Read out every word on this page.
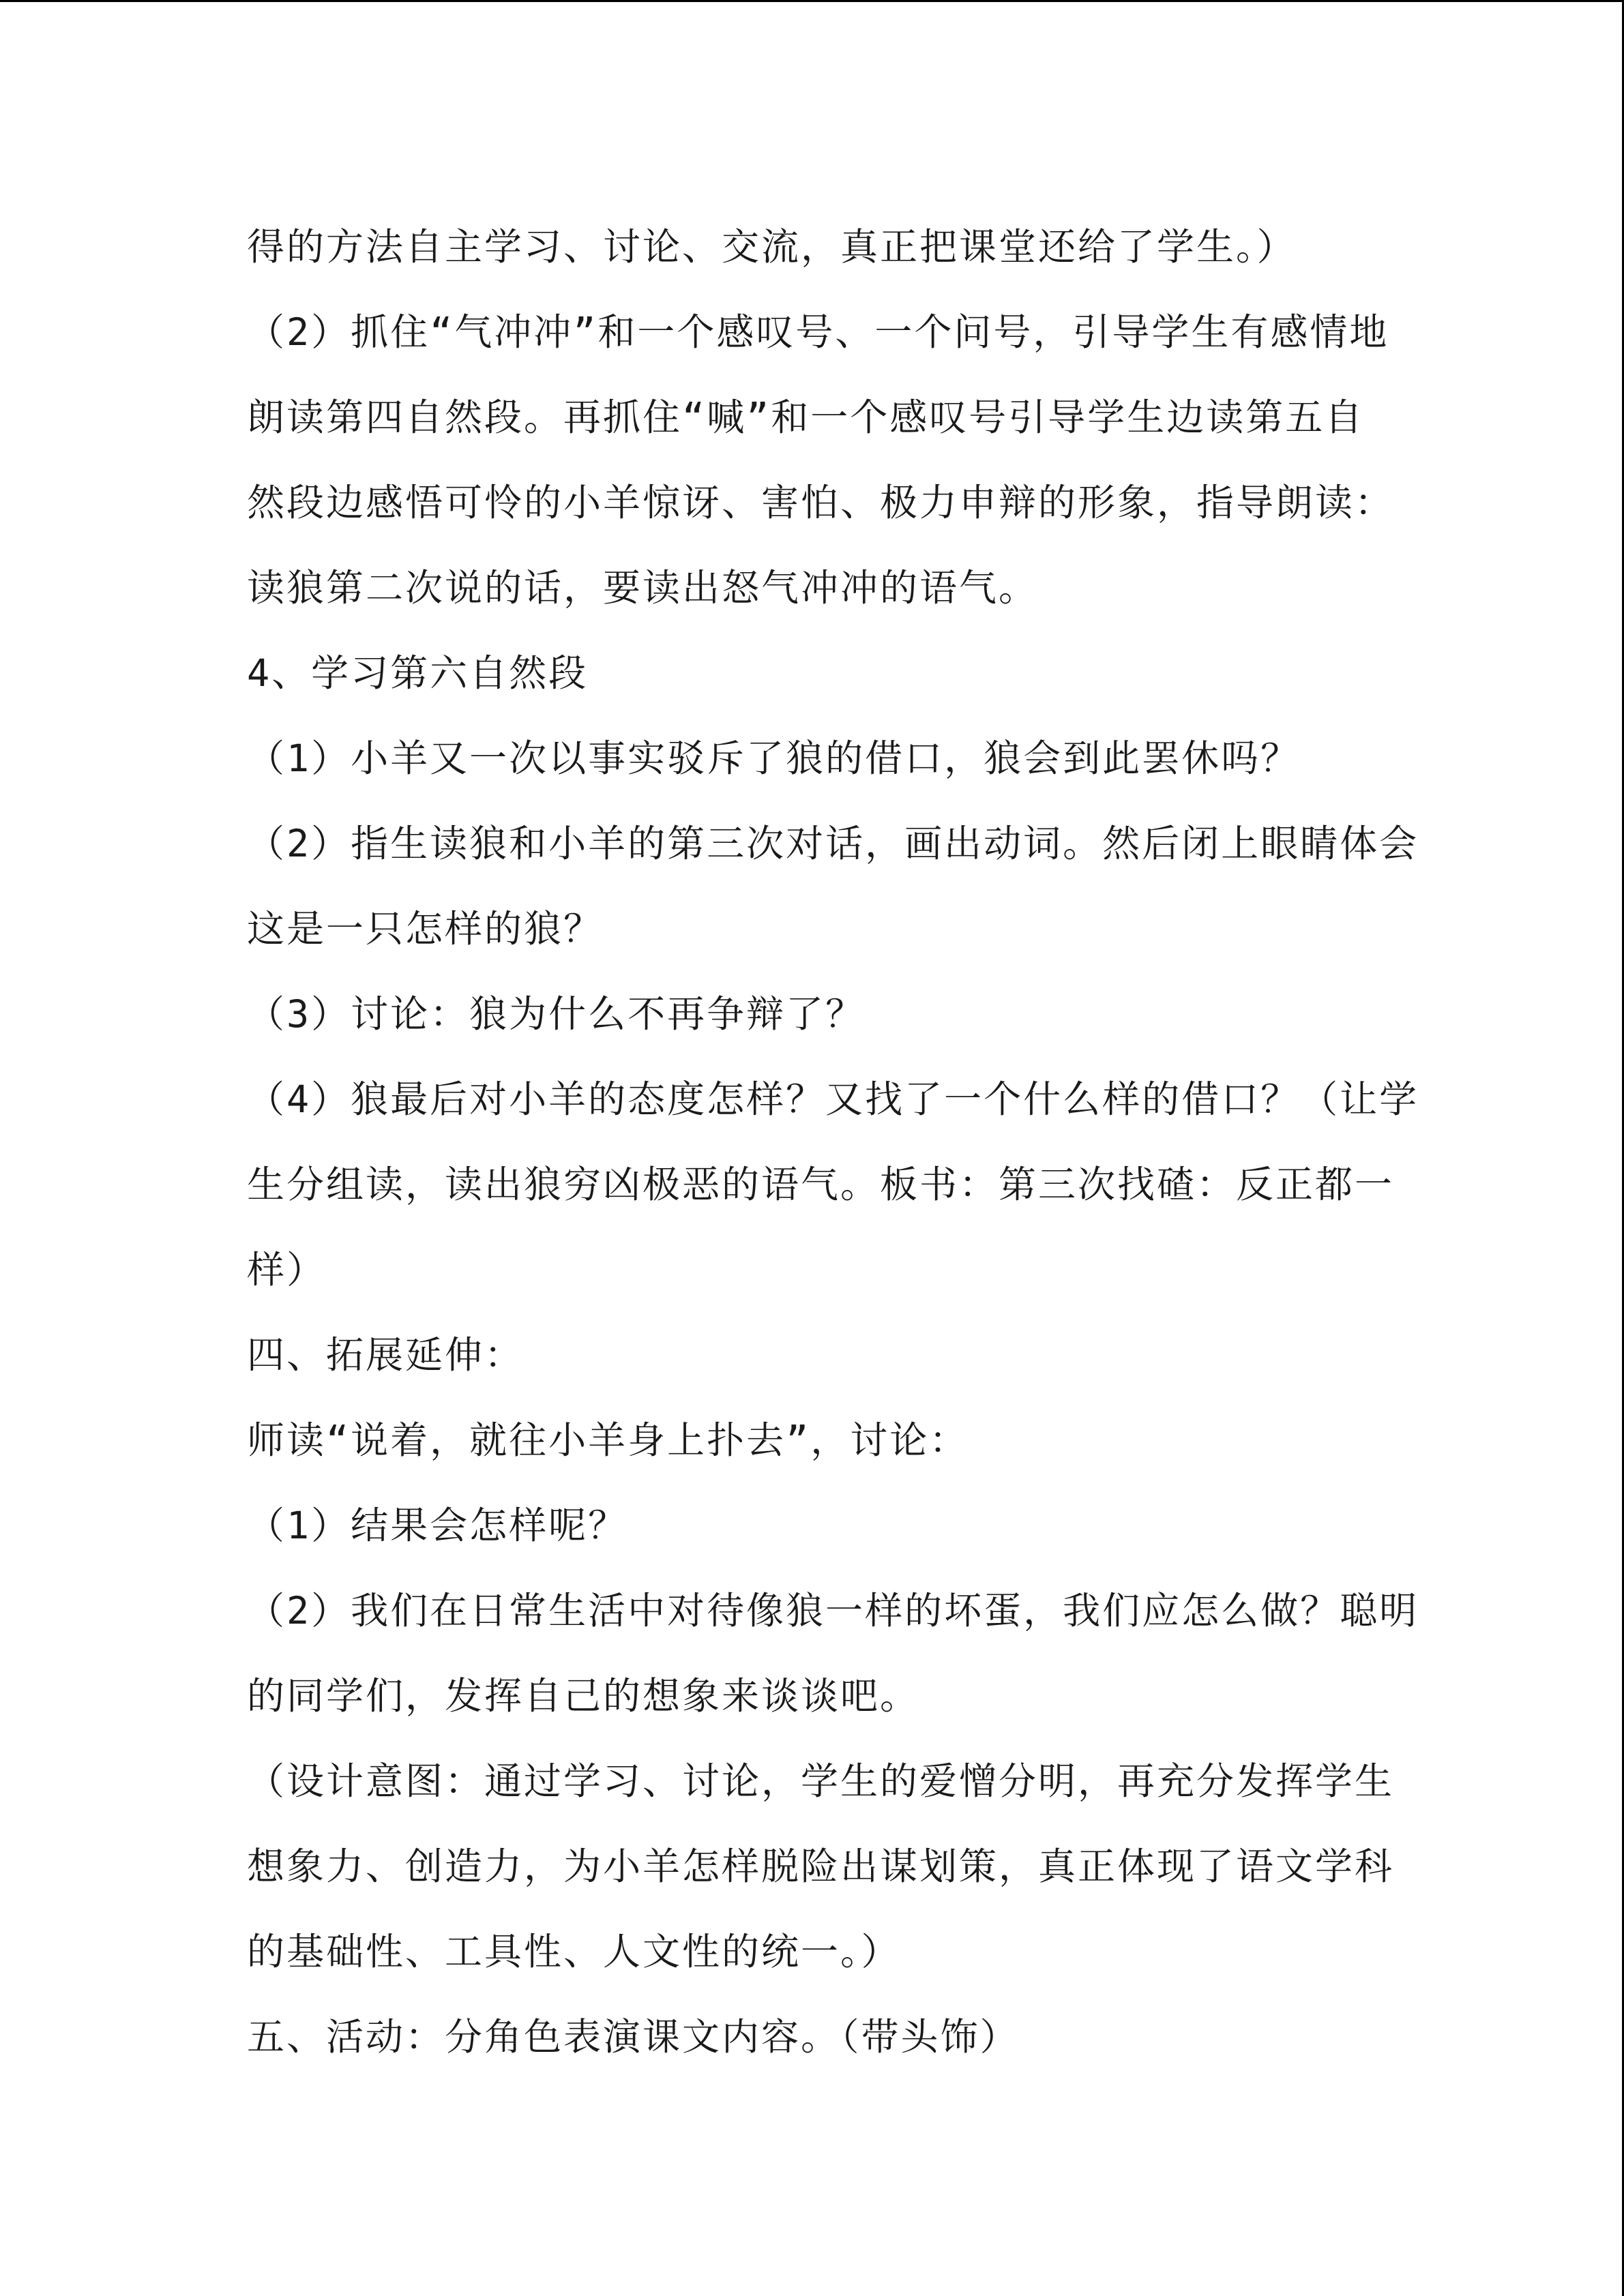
得的方法自主学习、讨论、交流，真正把课堂还给了学生。）
（2）抓住“气冲冲”和一个感叹号、一个问号，引导学生有感情地
朗读第四自然段。再抓住“喊”和一个感叹号引导学生边读第五自
然段边感悟可怜的小羊惊讶、害怕、极力申辩的形象，指导朗读：
读狼第二次说的话，要读出怒气冲冲的语气。
4、学习第六自然段
（1）小羊又一次以事实驳斥了狼的借口，狼会到此罢休吗？
（2）指生读狼和小羊的第三次对话，画出动词。然后闭上眼睛体会
这是一只怎样的狼？
（3）讨论：狼为什么不再争辩了？
（4）狼最后对小羊的态度怎样？又找了一个什么样的借口？（让学
生分组读，读出狼穷凶极恶的语气。板书：第三次找碴：反正都一
样）
四、拓展延伸：
师读“说着，就往小羊身上扑去”，讨论：
（1）结果会怎样呢？
（2）我们在日常生活中对待像狼一样的坏蛋，我们应怎么做？聪明
的同学们，发挥自己的想象来谈谈吧。
（设计意图：通过学习、讨论，学生的爱憎分明，再充分发挥学生
想象力、创造力，为小羊怎样脱险出谋划策，真正体现了语文学科
的基础性、工具性、人文性的统一。）
五、活动：分角色表演课文内容。（带头饰）
